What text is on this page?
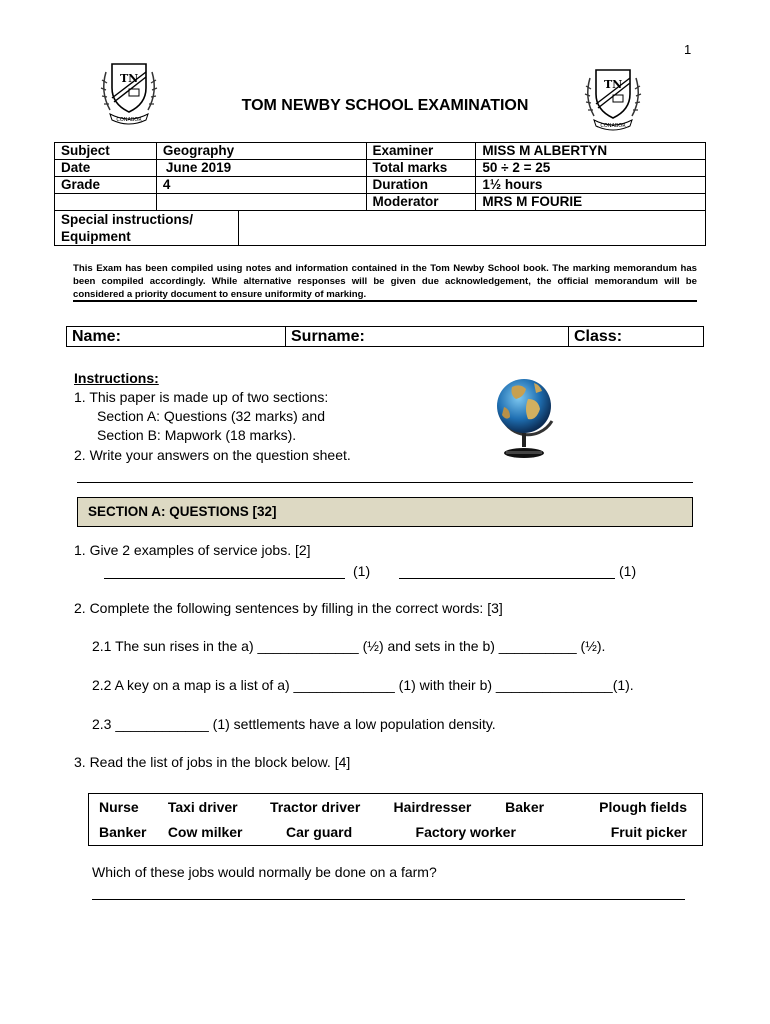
1
TN
CONABOR
TN
CONABOR
TOM NEWBY SCHOOL EXAMINATION
Subject	Geography	Examiner	MISS M ALBERTYN
Date	June 2019	Total marks	50 ÷ 2 = 25
Grade	4	Duration	1½ hours
		Moderator	MRS M FOURIE
Special instructions/ Equipment
This Exam has been compiled using notes and information contained in the Tom Newby School book. The marking memorandum has been compiled accordingly. While alternative responses will be given due acknowledgement, the official memorandum will be considered a priority document to ensure uniformity of marking.
Name:	Surname:	Class:
Instructions:
1. This paper is made up of two sections:
Section A: Questions (32 marks) and
Section B: Mapwork (18 marks).
2. Write your answers on the question sheet.
SECTION A: QUESTIONS [32]
1. Give 2 examples of service jobs. [2]
(1)	(1)
2. Complete the following sentences by filling in the correct words: [3]
2.1 The sun rises in the a) _____________ (½) and sets in the b) __________ (½).
2.2 A key on a map is a list of a) _____________ (1) with their b) _______________(1).
2.3 ____________ (1) settlements have a low population density.
3. Read the list of jobs in the block below. [4]
Nurse	Taxi driver	Tractor driver	Hairdresser	Baker	Plough fields
Banker	Cow milker	Car guard	Factory worker		Fruit picker
Which of these jobs would normally be done on a farm?
